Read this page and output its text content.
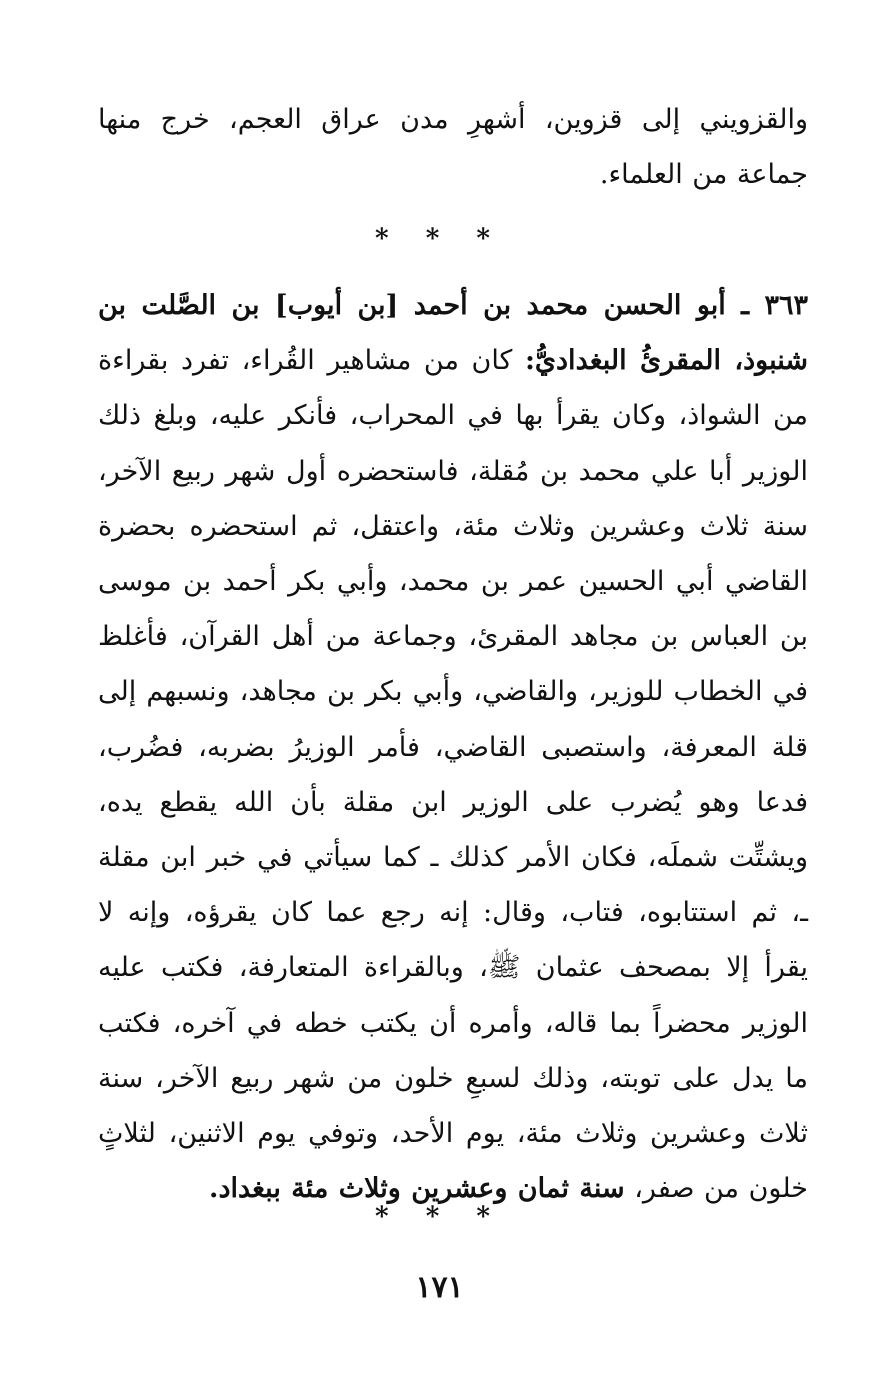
والقزويني إلى قزوين، أشهرِ مدن عراق العجم، خرج منها جماعة من العلماء.

* * *

٣٦٣ ـ أبو الحسن محمد بن أحمد [بن أيوب] بن الصَّلت بن شنبوذ، المقرئُ البغداديُّ: كان من مشاهير القُراء، تفرد بقراءة من الشواذ، وكان يقرأ بها في المحراب، فأنكر عليه، وبلغ ذلك الوزير أبا علي محمد بن مُقلة، فاستحضره أول شهر ربيع الآخر، سنة ثلاث وعشرين وثلاث مئة، واعتقل، ثم استحضره بحضرة القاضي أبي الحسين عمر بن محمد، وأبي بكر أحمد بن موسى بن العباس بن مجاهد المقرئ، وجماعة من أهل القرآن، فأغلظ في الخطاب للوزير، والقاضي، وأبي بكر بن مجاهد، ونسبهم إلى قلة المعرفة، واستصبى القاضي، فأمر الوزيرُ بضربه، فضُرب، فدعا وهو يُضرب على الوزير ابن مقلة بأن الله يقطع يده، ويشتِّت شملَه، فكان الأمر كذلك ـ كما سيأتي في خبر ابن مقلة ـ، ثم استتابوه، فتاب، وقال: إنه رجع عما كان يقرؤه، وإنه لا يقرأ إلا بمصحف عثمان ﷺ، وبالقراءة المتعارفة، فكتب عليه الوزير محضراً بما قاله، وأمره أن يكتب خطه في آخره، فكتب ما يدل على توبته، وذلك لسبعِ خلون من شهر ربيع الآخر، سنة ثلاث وعشرين وثلاث مئة، يوم الأحد، وتوفي يوم الاثنين، لثلاثٍ خلون من صفر، سنة ثمان وعشرين وثلاث مئة ببغداد.

* * *
١٧١
